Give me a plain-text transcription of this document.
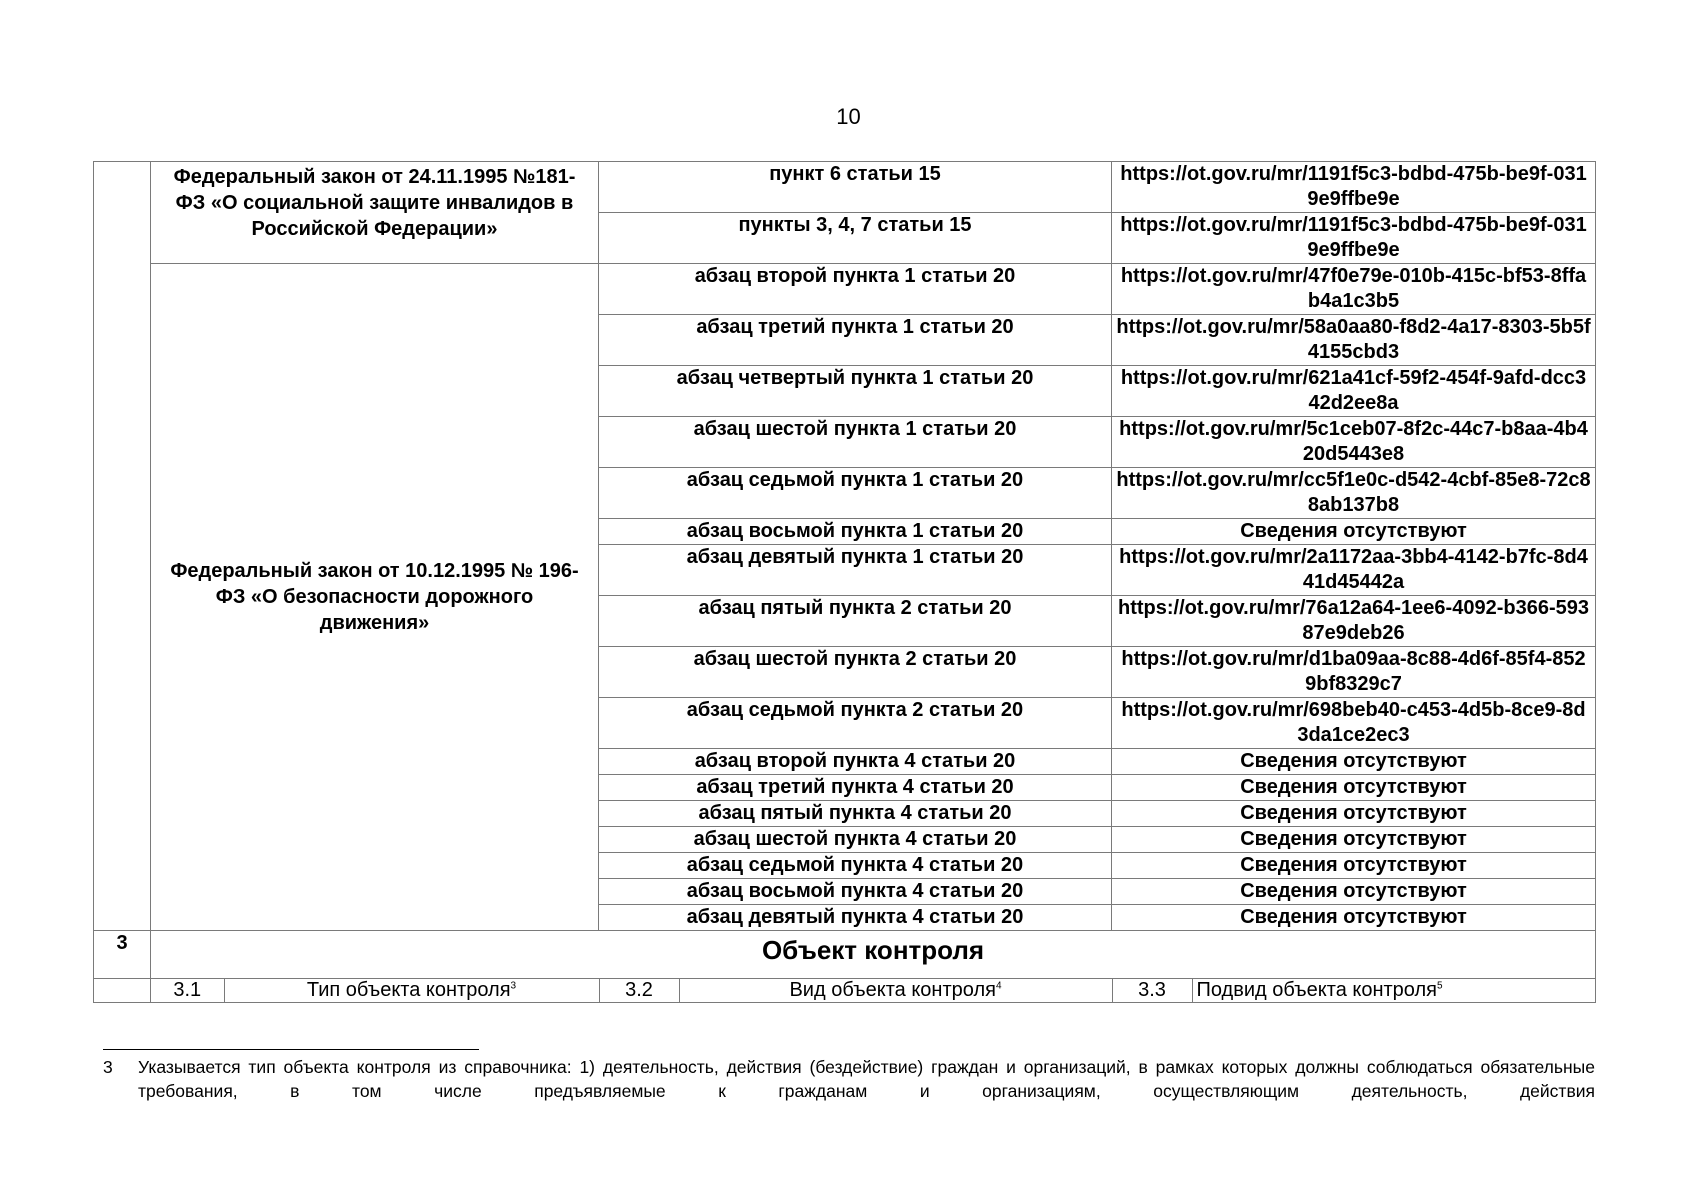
10
	Федеральный закон от 24.11.1995 №181-ФЗ «О социальной защите инвалидов в Российской Федерации»	пункт 6 статьи 15	https://ot.gov.ru/mr/1191f5c3-bdbd-475b-be9f-0319e9ffbe9e
пункты 3, 4, 7 статьи 15	https://ot.gov.ru/mr/1191f5c3-bdbd-475b-be9f-0319e9ffbe9e
Федеральный закон от 10.12.1995 № 196-ФЗ «О безопасности дорожного движения»	абзац второй пункта 1 статьи 20	https://ot.gov.ru/mr/47f0e79e-010b-415c-bf53-8ffab4a1c3b5
абзац третий пункта 1 статьи 20	https://ot.gov.ru/mr/58a0aa80-f8d2-4a17-8303-5b5f4155cbd3
абзац четвертый пункта 1 статьи 20	https://ot.gov.ru/mr/621a41cf-59f2-454f-9afd-dcc342d2ee8a
абзац шестой пункта 1 статьи 20	https://ot.gov.ru/mr/5c1ceb07-8f2c-44c7-b8aa-4b420d5443e8
абзац седьмой пункта 1 статьи 20	https://ot.gov.ru/mr/cc5f1e0c-d542-4cbf-85e8-72c88ab137b8
абзац восьмой пункта 1 статьи 20	Сведения отсутствуют
абзац девятый пункта 1 статьи 20	https://ot.gov.ru/mr/2a1172aa-3bb4-4142-b7fc-8d441d45442a
абзац пятый пункта 2 статьи 20	https://ot.gov.ru/mr/76a12a64-1ee6-4092-b366-59387e9deb26
абзац шестой пункта 2 статьи 20	https://ot.gov.ru/mr/d1ba09aa-8c88-4d6f-85f4-8529bf8329c7
абзац седьмой пункта 2 статьи 20	https://ot.gov.ru/mr/698beb40-c453-4d5b-8ce9-8d3da1ce2ec3
абзац второй пункта 4 статьи 20	Сведения отсутствуют
абзац третий пункта 4 статьи 20	Сведения отсутствуют
абзац пятый пункта 4 статьи 20	Сведения отсутствуют
абзац шестой пункта 4 статьи 20	Сведения отсутствуют
абзац седьмой пункта 4 статьи 20	Сведения отсутствуют
абзац восьмой пункта 4 статьи 20	Сведения отсутствуют
абзац девятый пункта 4 статьи 20	Сведения отсутствуют
3	Объект контроля

3.1	Тип объекта контроля$^3$	3.2	Вид объекта контроля$^4$	3.3	Подвид объекта контроля$^5$
3 Указывается тип объекта контроля из справочника: 1) деятельность, действия (бездействие) граждан и организаций, в рамках которых должны соблюдаться обязательные требования, в том числе предъявляемые к гражданам и организациям, осуществляющим деятельность, действия
